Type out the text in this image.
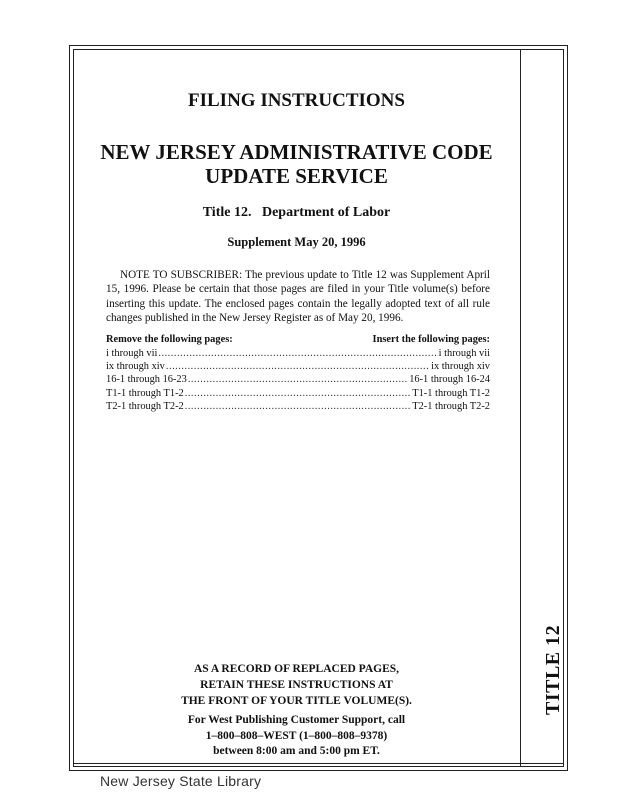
FILING INSTRUCTIONS
NEW JERSEY ADMINISTRATIVE CODE
UPDATE SERVICE
Title 12.   Department of Labor
Supplement May 20, 1996
NOTE TO SUBSCRIBER: The previous update to Title 12 was Supplement April 15, 1996. Please be certain that those pages are filed in your Title volume(s) before inserting this update. The enclosed pages contain the legally adopted text of all rule changes published in the New Jersey Register as of May 20, 1996.
Remove the following pages:	Insert the following pages:
i through vii .....	i through vii
ix through xiv .....	ix through xiv
16-1 through 16-23 .....	16-1 through 16-24
T1-1 through T1-2 .....	T1-1 through T1-2
T2-1 through T2-2 .....	T2-1 through T2-2
AS A RECORD OF REPLACED PAGES,
RETAIN THESE INSTRUCTIONS AT
THE FRONT OF YOUR TITLE VOLUME(S).
For West Publishing Customer Support, call
1–800–808–WEST (1–800–808–9378)
between 8:00 am and 5:00 pm ET.
TITLE 12
New Jersey State Library
